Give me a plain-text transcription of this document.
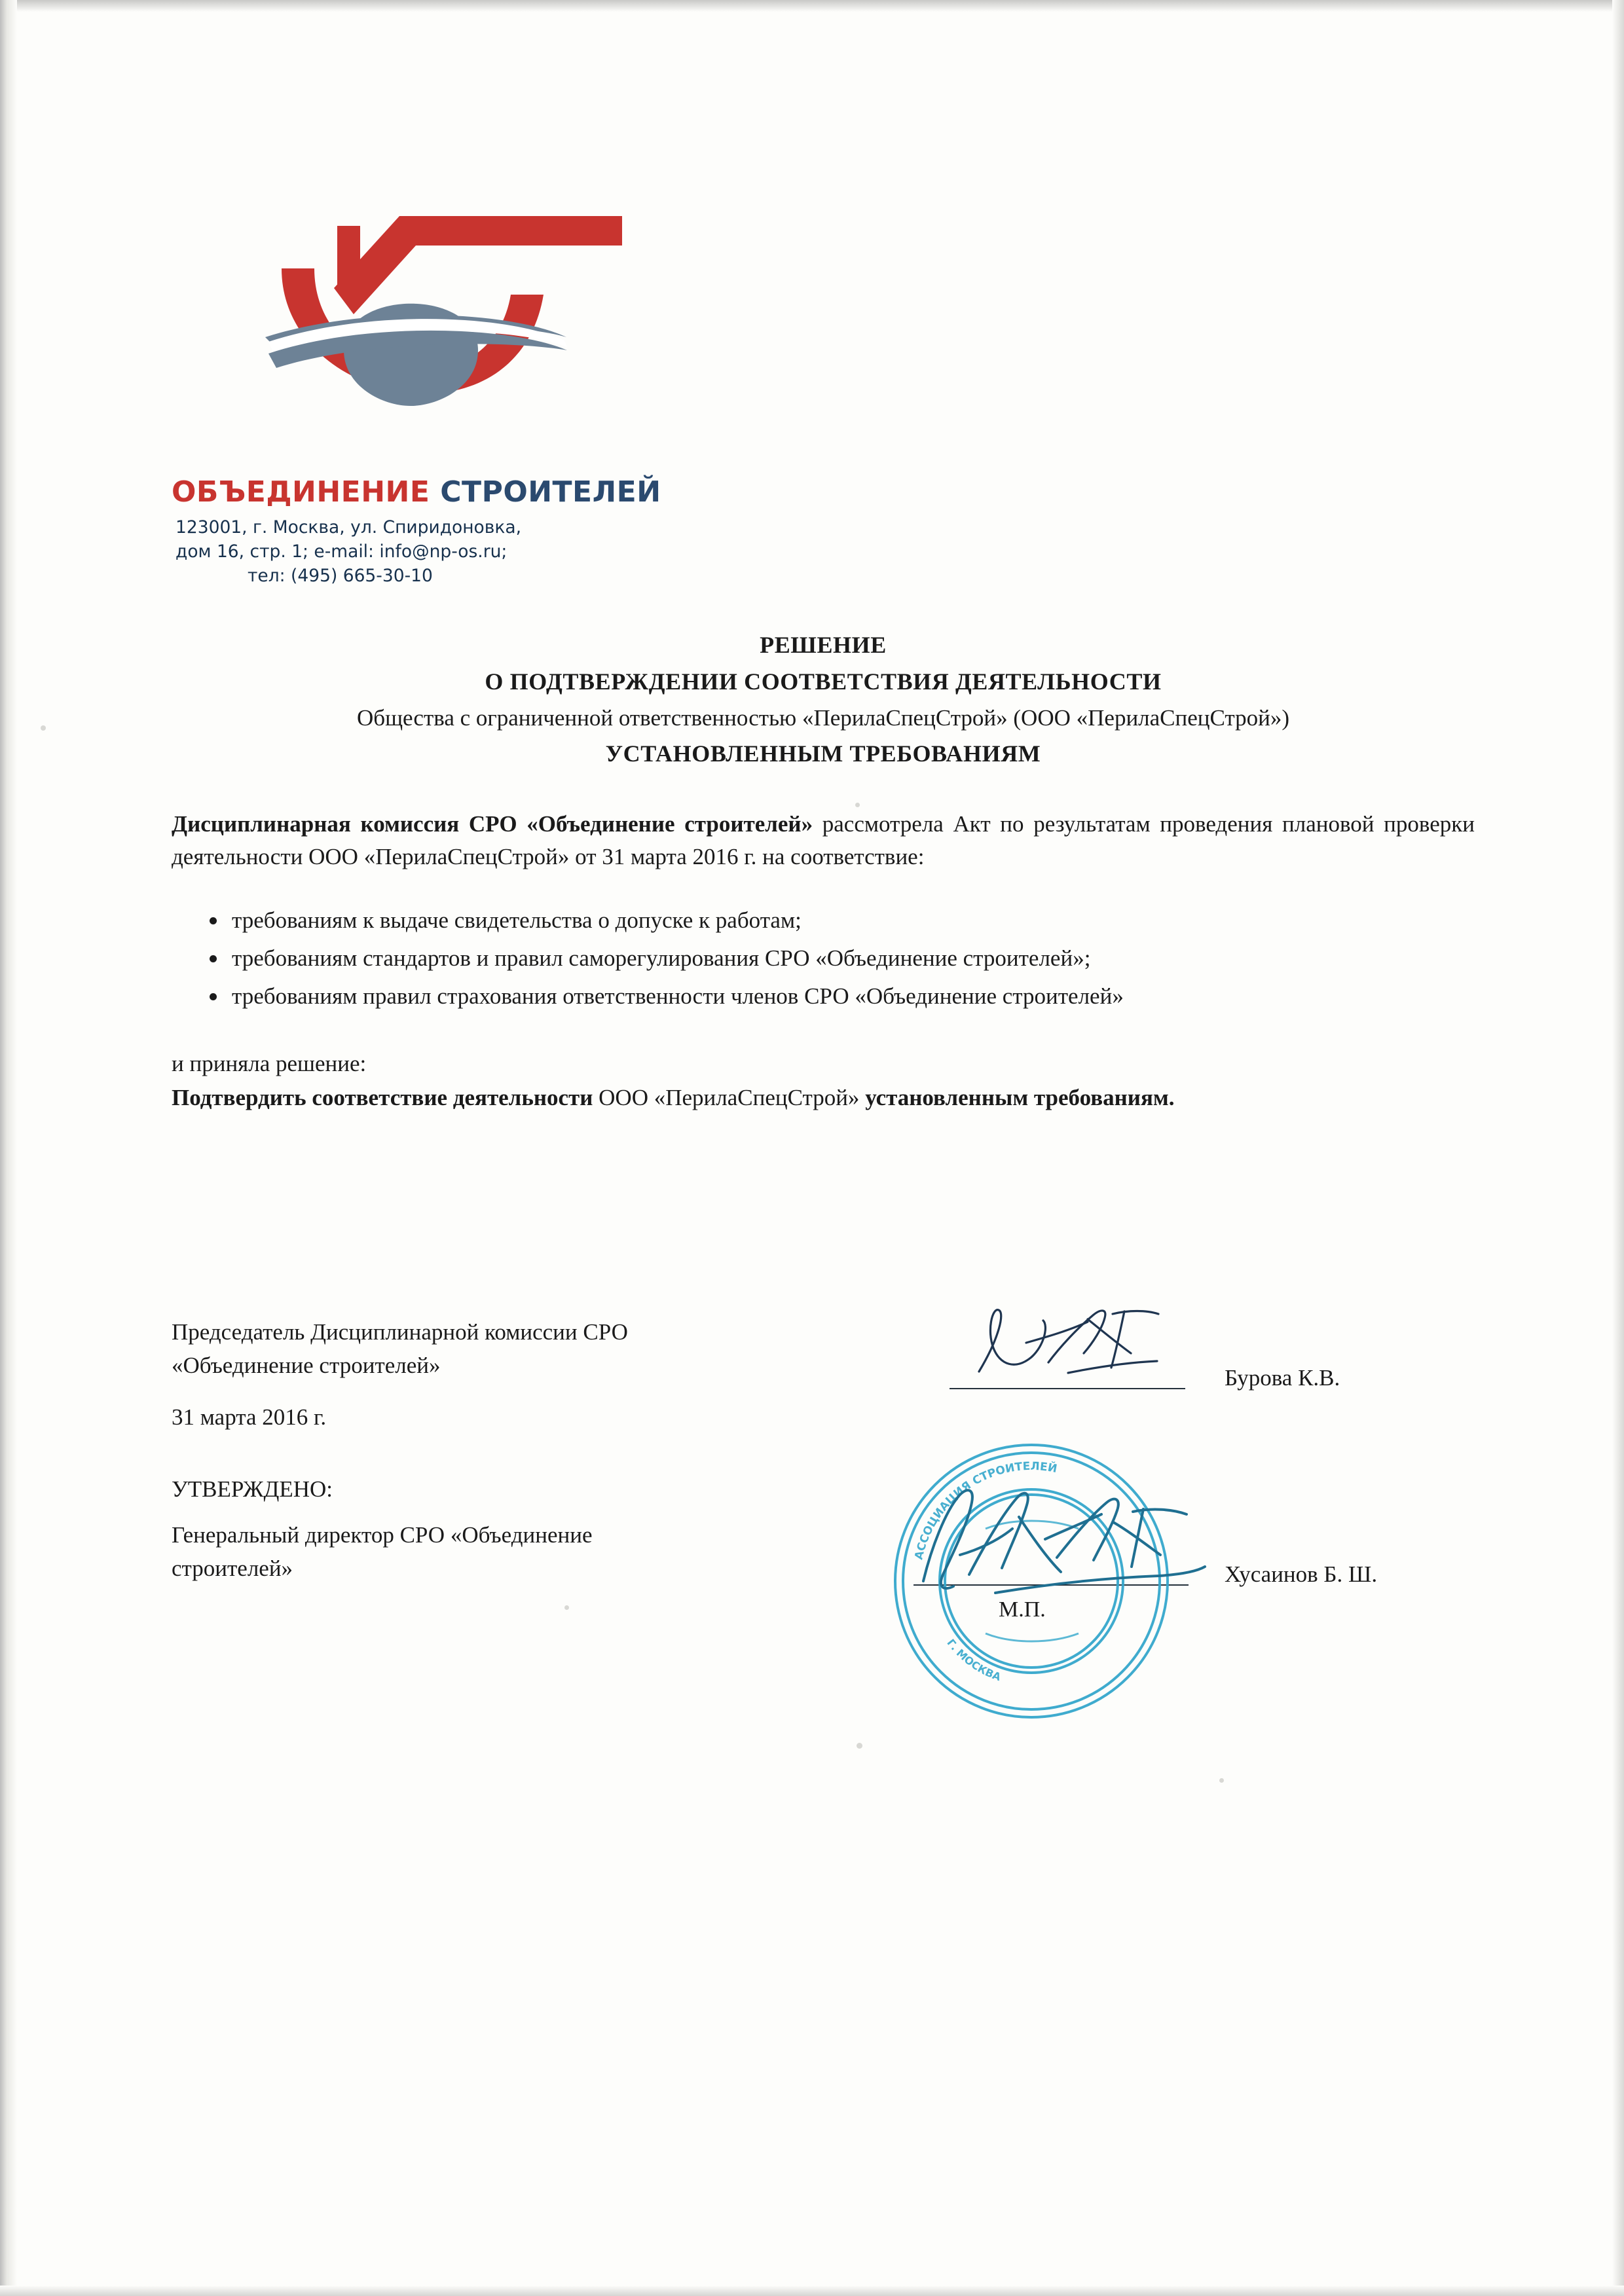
ОБЪЕДИНЕНИЕ СТРОИТЕЛЕЙ
123001, г. Москва, ул. Спиридоновка,
дом 16, стр. 1; e-mail: info@np-os.ru;
тел: (495) 665-30-10
РЕШЕНИЕ
О ПОДТВЕРЖДЕНИИ СООТВЕТСТВИЯ ДЕЯТЕЛЬНОСТИ
Общества с ограниченной ответственностью «ПерилаСпецСтрой» (ООО «ПерилаСпецСтрой»)
УСТАНОВЛЕННЫМ ТРЕБОВАНИЯМ
Дисциплинарная комиссия СРО «Объединение строителей» рассмотрела Акт по результатам проведения плановой проверки деятельности ООО «ПерилаСпецСтрой» от 31 марта 2016 г. на соответствие:
требованиям к выдаче свидетельства о допуске к работам;
требованиям стандартов и правил саморегулирования СРО «Объединение строителей»;
требованиям правил страхования ответственности членов СРО «Объединение строителей»
и приняла решение:
Подтвердить соответствие деятельности ООО «ПерилаСпецСтрой» установленным требованиям.
Председатель Дисциплинарной комиссии СРО
«Объединение строителей»
31 марта 2016 г.
Бурова К.В.
УТВЕРЖДЕНО:
Генеральный директор СРО «Объединение
строителей»	Хусаинов Б. Ш.
АССОЦИАЦИЯ СТРОИТЕЛЕЙ
Г. МОСКВА
М.П.
